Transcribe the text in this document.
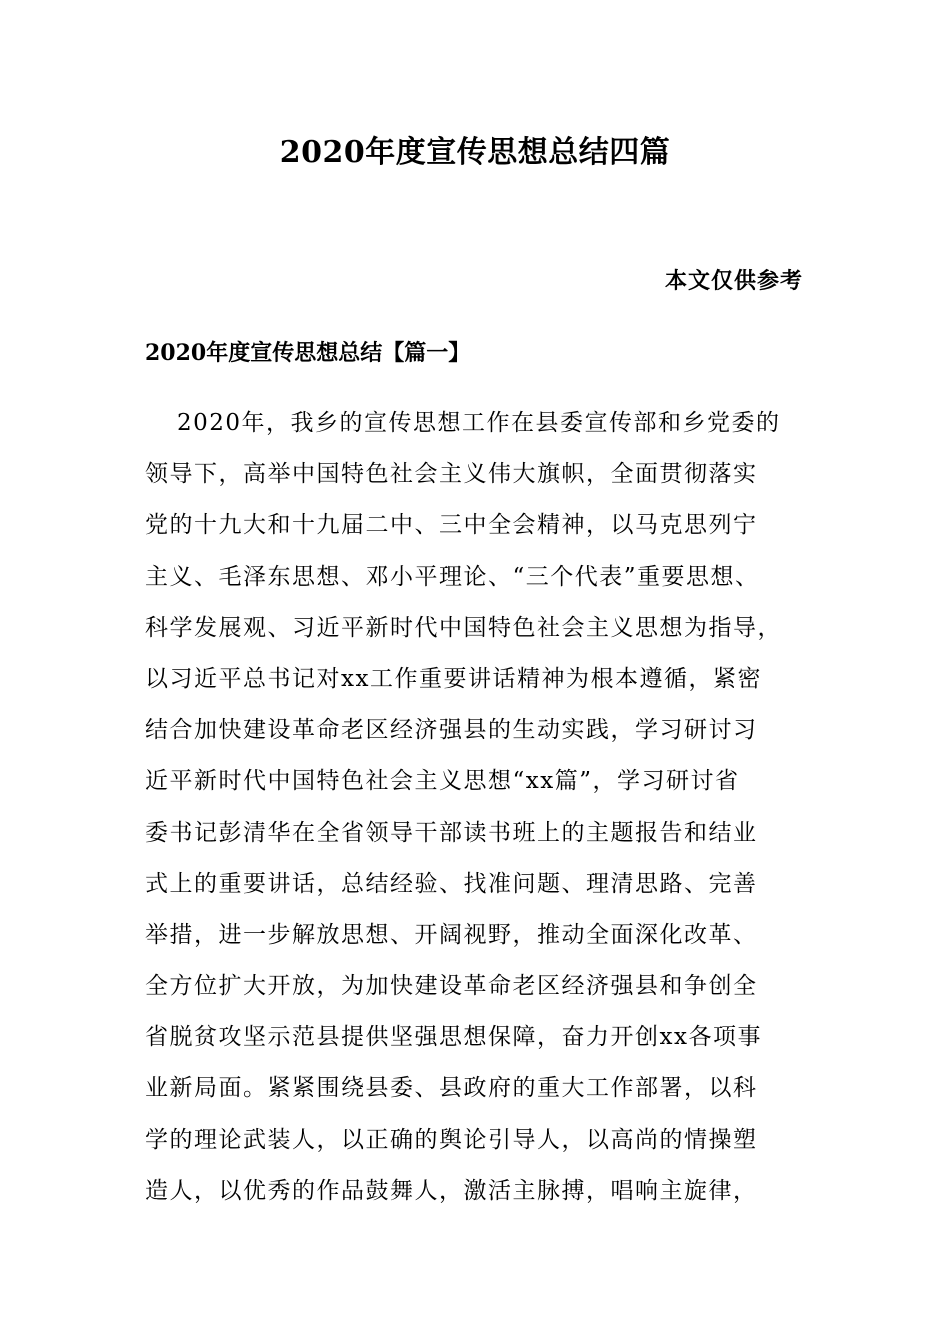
2020年度宣传思想总结四篇
本文仅供参考
2020年度宣传思想总结【篇一】
2020年，我乡的宣传思想工作在县委宣传部和乡党委的
领导下，高举中国特色社会主义伟大旗帜，全面贯彻落实
党的十九大和十九届二中、三中全会精神，以马克思列宁
主义、毛泽东思想、邓小平理论、“三个代表”重要思想、
科学发展观、习近平新时代中国特色社会主义思想为指导，
以习近平总书记对xx工作重要讲话精神为根本遵循，紧密
结合加快建设革命老区经济强县的生动实践，学习研讨习
近平新时代中国特色社会主义思想“xx篇”，学习研讨省
委书记彭清华在全省领导干部读书班上的主题报告和结业
式上的重要讲话，总结经验、找准问题、理清思路、完善
举措，进一步解放思想、开阔视野，推动全面深化改革、
全方位扩大开放，为加快建设革命老区经济强县和争创全
省脱贫攻坚示范县提供坚强思想保障，奋力开创xx各项事
业新局面。紧紧围绕县委、县政府的重大工作部署，以科
学的理论武装人，以正确的舆论引导人，以高尚的情操塑
造人，以优秀的作品鼓舞人，激活主脉搏，唱响主旋律，
